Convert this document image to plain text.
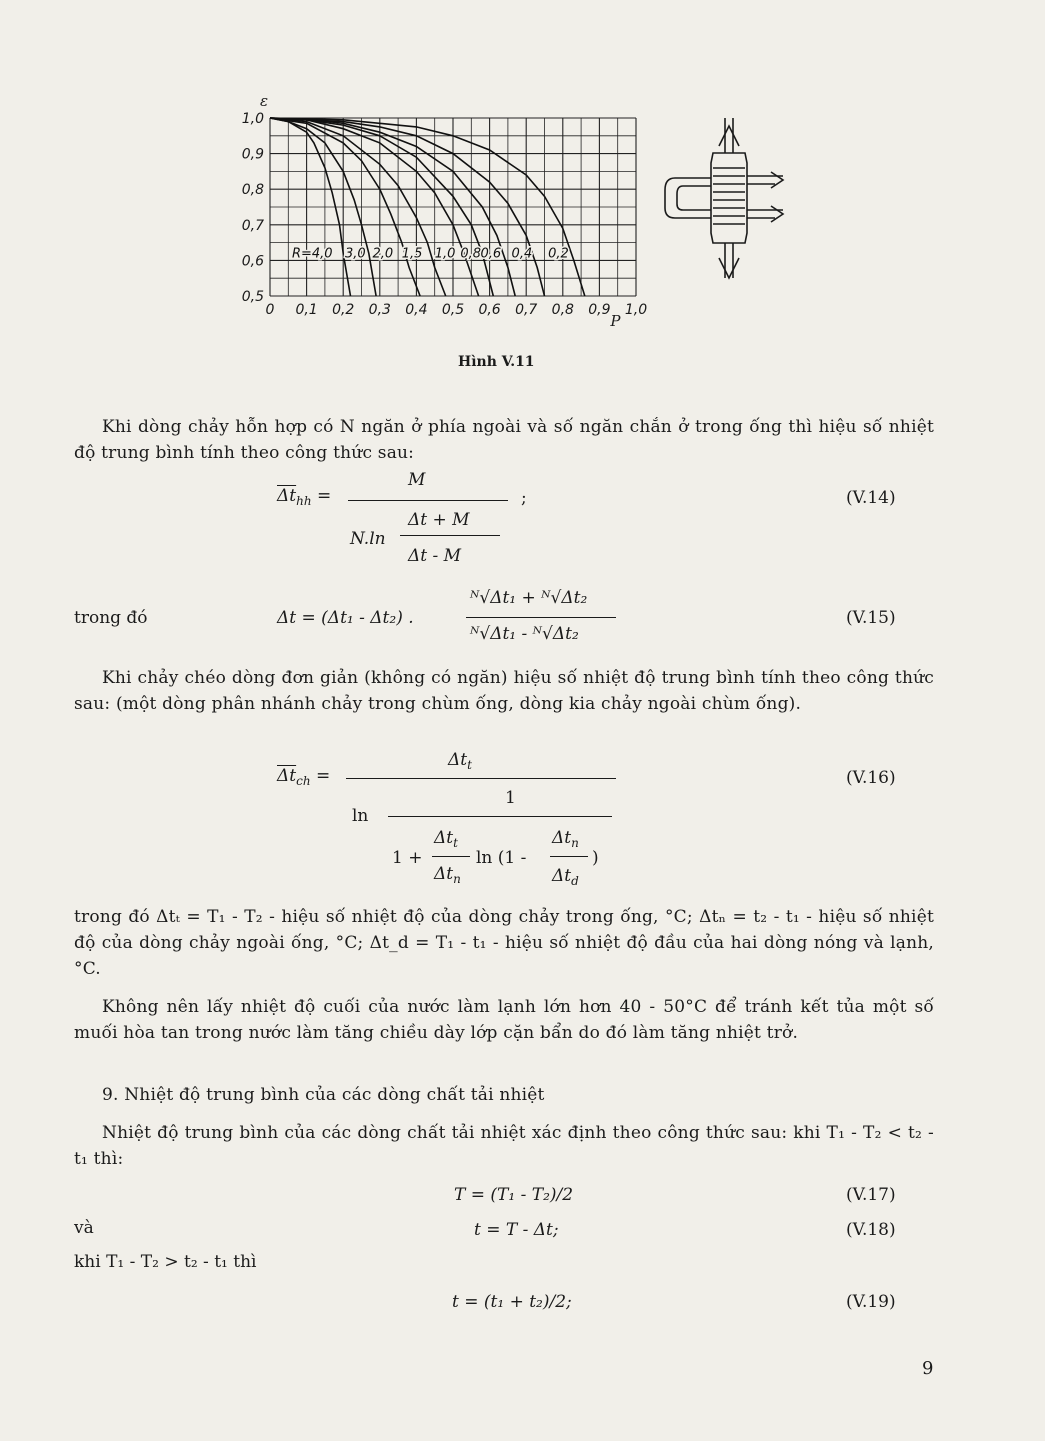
1,0
0,9
0,8
0,7
0,6
0,5
0 0,1 0,2 0,3 0,4 0,5 0,6 0,7 0,8 0,9 1,0
ε
P
R=4,0 3,0 2,0 1,5 1,0 0,8 0,6 0,4 0,2
Hình V.11
Khi dòng chảy hỗn hợp có N ngăn ở phía ngoài và số ngăn chắn ở trong ống thì hiệu số nhiệt độ trung bình tính theo công thức sau:
$\overline{\Delta t}_{hh}$ =
M
;
N.ln
Δt + M
Δt - M
(V.14)
trong đó	Δt = (Δt₁ - Δt₂) .
ᴺ√Δt₁ + ᴺ√Δt₂
ᴺ√Δt₁ - ᴺ√Δt₂
(V.15)
Khi chảy chéo dòng đơn giản (không có ngăn) hiệu số nhiệt độ trung bình tính theo công thức sau: (một dòng phân nhánh chảy trong chùm ống, dòng kia chảy ngoài chùm ống).
$\Delta t_t$
$\overline{\Delta t}_{ch}$ =
1
ln
1 +
$\Delta t_t$
$\Delta t_n$
ln (1 -
$\Delta t_n$
$\Delta t_d$
)
(V.16)
trong đó Δtₜ = T₁ - T₂ - hiệu số nhiệt độ của dòng chảy trong ống, °C; Δtₙ = t₂ - t₁ - hiệu số nhiệt độ của dòng chảy ngoài ống, °C; Δt_d = T₁ - t₁ - hiệu số nhiệt độ đầu của hai dòng nóng và lạnh, °C.
Không nên lấy nhiệt độ cuối của nước làm lạnh lớn hơn 40 - 50°C để tránh kết tủa một số muối hòa tan trong nước làm tăng chiều dày lớp cặn bẩn do đó làm tăng nhiệt trở.
9. Nhiệt độ trung bình của các dòng chất tải nhiệt
Nhiệt độ trung bình của các dòng chất tải nhiệt xác định theo công thức sau: khi T₁ - T₂ < t₂ - t₁ thì:
T = (T₁ - T₂)/2	(V.17)
và	t = T - Δt;	(V.18)
khi T₁ - T₂ > t₂ - t₁ thì
t = (t₁ + t₂)/2;	(V.19)
9
